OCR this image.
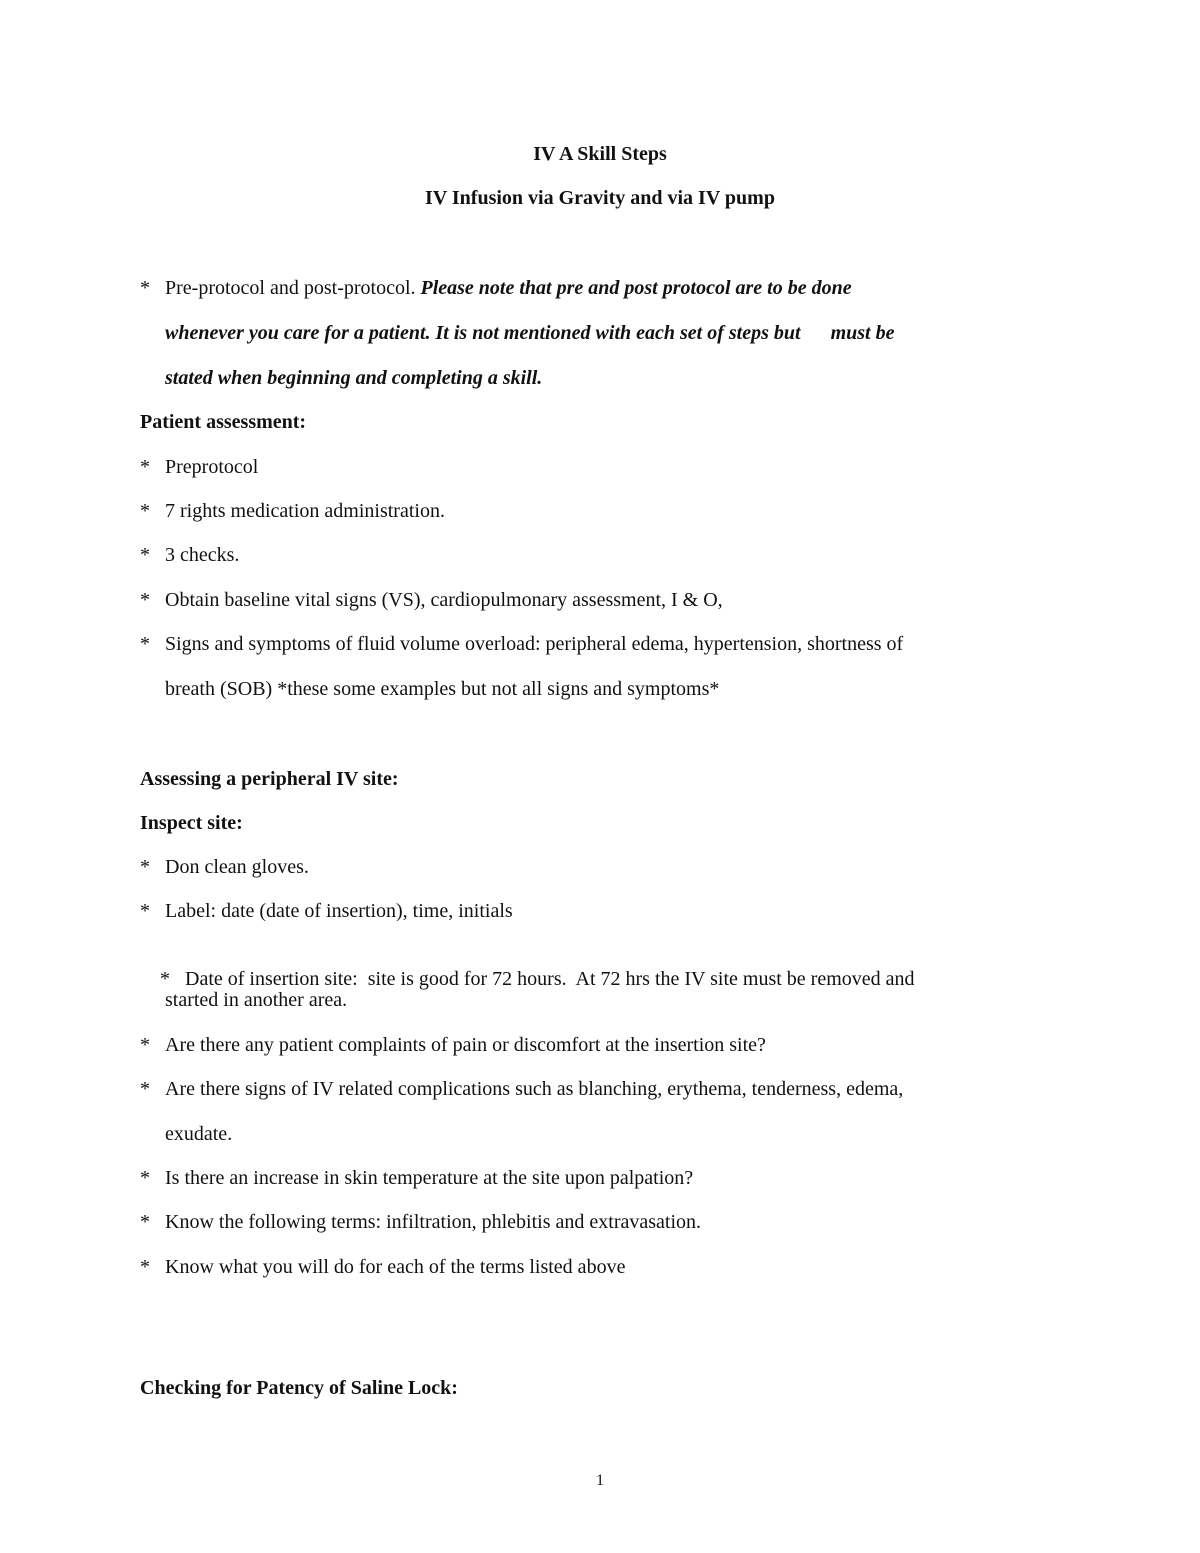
IV A Skill Steps
IV Infusion via Gravity and via IV pump
* Pre-protocol and post-protocol. Please note that pre and post protocol are to be done
whenever you care for a patient. It is not mentioned with each set of steps but      must be
stated when beginning and completing a skill.
Patient assessment:
* Preprotocol
* 7 rights medication administration.
* 3 checks.
* Obtain baseline vital signs (VS), cardiopulmonary assessment, I & O,
* Signs and symptoms of fluid volume overload: peripheral edema, hypertension, shortness of
breath (SOB) *these some examples but not all signs and symptoms*
Assessing a peripheral IV site:
Inspect site:
* Don clean gloves.
* Label: date (date of insertion), time, initials

* Date of insertion site:  site is good for 72 hours.  At 72 hrs the IV site must be removed and

started in another area.
* Are there any patient complaints of pain or discomfort at the insertion site?
* Are there signs of IV related complications such as blanching, erythema, tenderness, edema,
exudate.
* Is there an increase in skin temperature at the site upon palpation?
* Know the following terms: infiltration, phlebitis and extravasation.
* Know what you will do for each of the terms listed above
Checking for Patency of Saline Lock:
1
